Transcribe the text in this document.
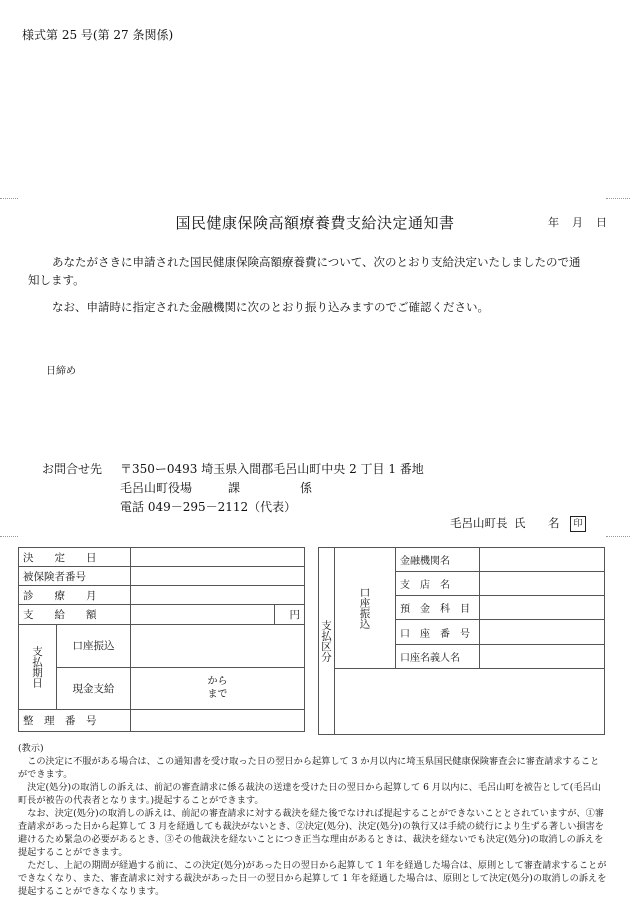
様式第 25 号(第 27 条関係)
国民健康保険高額療養費支給決定通知書	年 月 日
あなたがさきに申請された国民健康保険高額療養費について、次のとおり支給決定いたしましたので通
知します。
なお、申請時に指定された金融機関に次のとおり振り込みますのでご確認ください。
日締め
お問合せ先 〒350ー0493 埼玉県入間郡毛呂山町中央 2 丁目 1 番地
毛呂山町役場　　　課　　　　　係
電話 049－295－2112（代表）
毛呂山町長 氏 名	印
決　　定　　日			
被保険者番号			
診　　療　　月			
支　　給　　額			円
支払期日	口座振込		
	現金支給	から
まで	

整　理　番　号			
支払区分	口座振込	金融機関名	
		支　店　名	
		預　金　科　目	
		口　座　番　号	
		口座名義人名	

(教示)
この決定に不服がある場合は、この通知書を受け取った日の翌日から起算して 3 か月以内に埼玉県国民健康保険審査会に審査請求することができます。
決定(処分)の取消しの訴えは、前記の審査請求に係る裁決の送達を受けた日の翌日から起算して 6 月以内に、毛呂山町を被告として(毛呂山町長が被告の代表者となります。)提起することができます。
なお、決定(処分)の取消しの訴えは、前記の審査請求に対する裁決を経た後でなければ提起することができないこととされていますが、①審査請求があった日から起算して 3 月を経過しても裁決がないとき、②決定(処分)、決定(処分)の執行又は手続の続行により生ずる著しい損害を避けるため緊急の必要があるとき、③その他裁決を経ないことにつき正当な理由があるときは、裁決を経ないでも決定(処分)の取消しの訴えを提起することができます。
ただし、上記の期間が経過する前に、この決定(処分)があった日の翌日から起算して 1 年を経過した場合は、原則として審査請求することができなくなり、また、審査請求に対する裁決があった日一の翌日から起算して 1 年を経過した場合は、原則として決定(処分)の取消しの訴えを提起することができなくなります。
